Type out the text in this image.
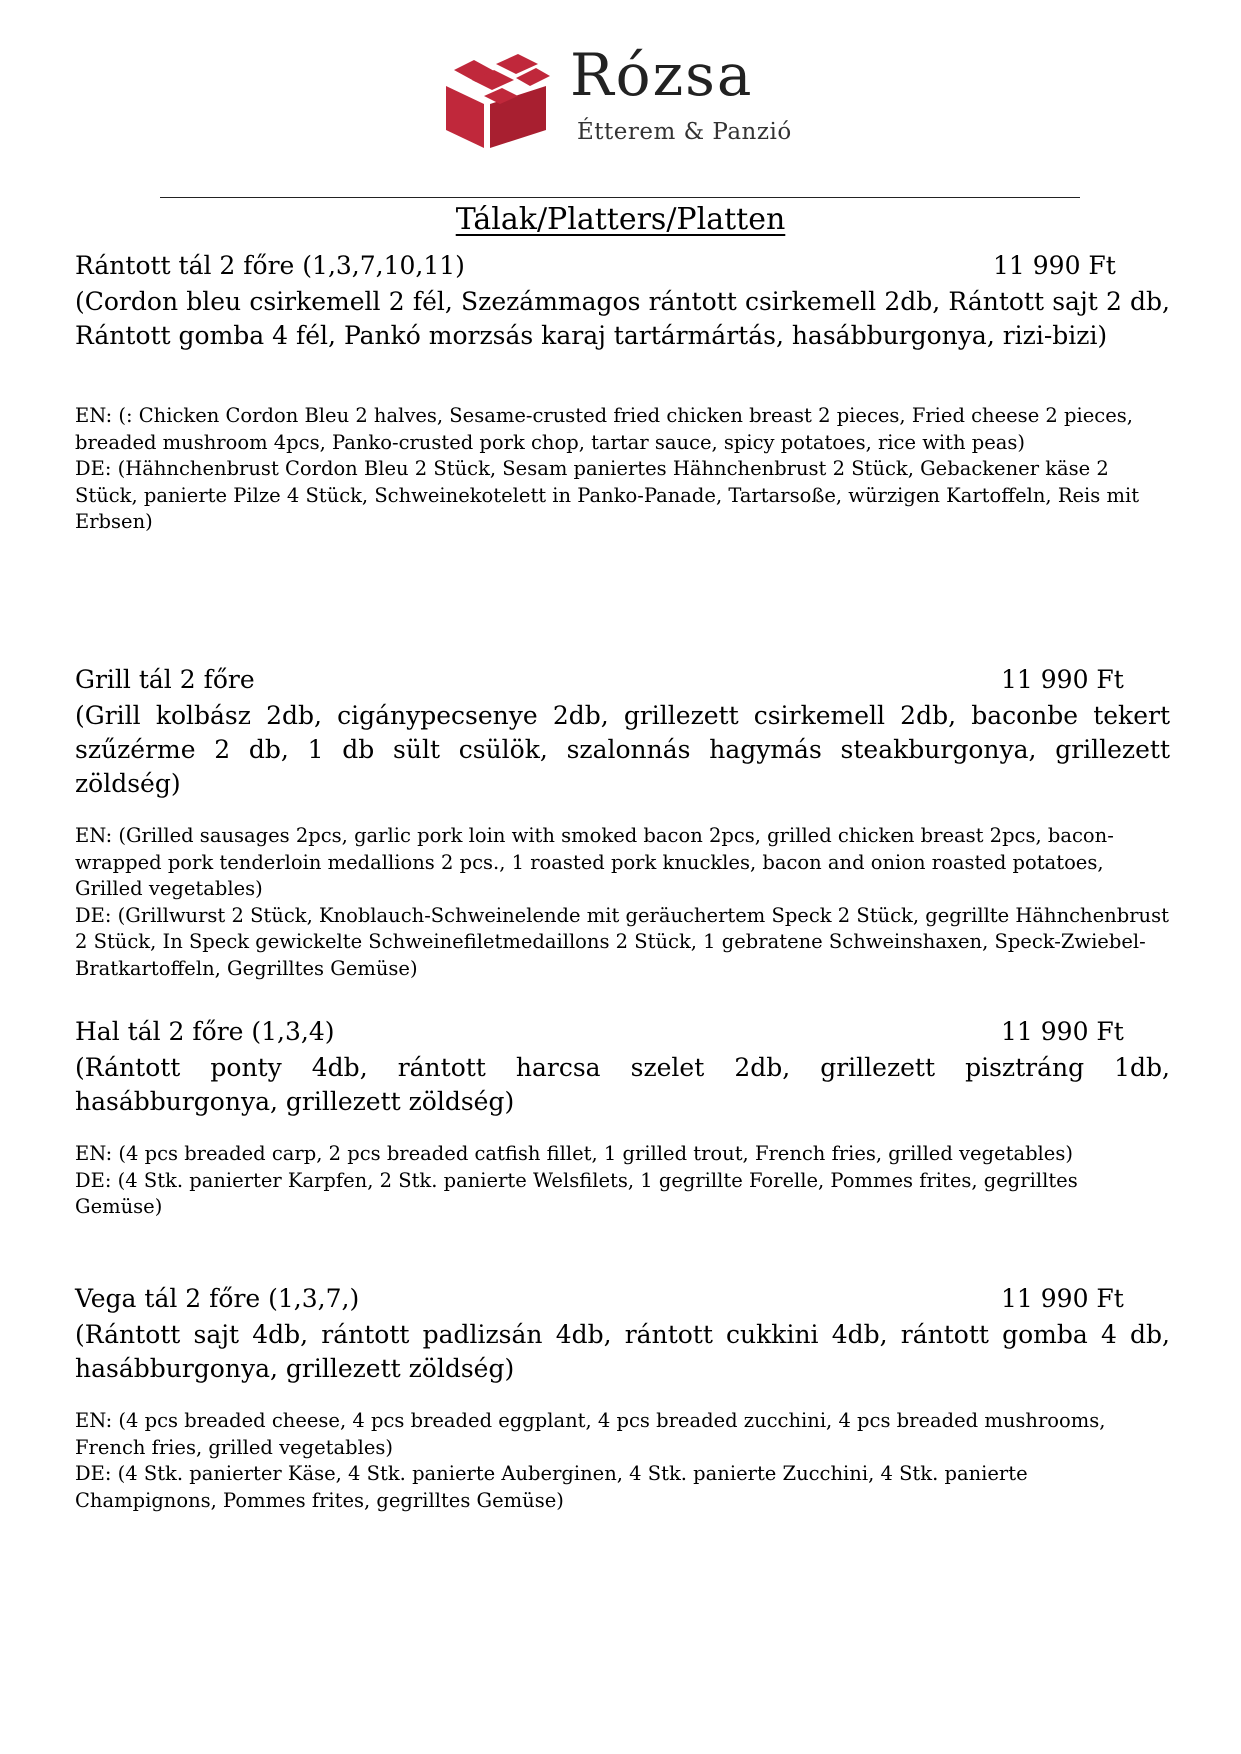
Rózsa
Étterem & Panzió
Tálak/Platters/Platten
Rántott tál 2 főre (1,3,7,10,11)	11 990 Ft

(Cordon bleu csirkemell 2 fél, Szezámmagos rántott csirkemell 2db, Rántott sajt 2 db, Rántott gomba 4 fél, Pankó morzsás karaj tartármártás, hasábburgonya, rizi-bizi)

EN: (: Chicken Cordon Bleu 2 halves, Sesame-crusted fried chicken breast 2 pieces, Fried cheese 2 pieces, breaded mushroom 4pcs, Panko-crusted pork chop, tartar sauce, spicy potatoes, rice with peas)

DE: (Hähnchenbrust Cordon Bleu 2 Stück, Sesam paniertes Hähnchenbrust 2 Stück, Gebackener käse 2 Stück, panierte Pilze 4 Stück, Schweinekotelett in Panko-Panade, Tartarsoße, würzigen Kartoffeln, Reis mit Erbsen)

Grill tál 2 főre	11 990 Ft

(Grill kolbász 2db, cigánypecsenye 2db, grillezett csirkemell 2db, baconbe tekert szűzérme 2 db, 1 db sült csülök, szalonnás hagymás steakburgonya, grillezett zöldség)

EN: (Grilled sausages 2pcs, garlic pork loin with smoked bacon 2pcs, grilled chicken breast 2pcs, bacon-wrapped pork tenderloin medallions 2 pcs., 1 roasted pork knuckles, bacon and onion roasted potatoes, Grilled vegetables)

DE: (Grillwurst 2 Stück, Knoblauch-Schweinelende mit geräuchertem Speck 2 Stück, gegrillte Hähnchenbrust 2 Stück, In Speck gewickelte Schweinefiletmedaillons 2 Stück, 1 gebratene Schweinshaxen, Speck-Zwiebel-Bratkartoffeln, Gegrilltes Gemüse)

Hal tál 2 főre (1,3,4)	11 990 Ft

(Rántott ponty 4db, rántott harcsa szelet 2db, grillezett pisztráng 1db, hasábburgonya, grillezett zöldség)

EN: (4 pcs breaded carp, 2 pcs breaded catfish fillet, 1 grilled trout, French fries, grilled vegetables)

DE: (4 Stk. panierter Karpfen, 2 Stk. panierte Welsfilets, 1 gegrillte Forelle, Pommes frites, gegrilltes Gemüse)

Vega tál 2 főre (1,3,7,)	11 990 Ft

(Rántott sajt 4db, rántott padlizsán 4db, rántott cukkini 4db, rántott gomba 4 db, hasábburgonya, grillezett zöldség)

EN: (4 pcs breaded cheese, 4 pcs breaded eggplant, 4 pcs breaded zucchini, 4 pcs breaded mushrooms, French fries, grilled vegetables)

DE: (4 Stk. panierter Käse, 4 Stk. panierte Auberginen, 4 Stk. panierte Zucchini, 4 Stk. panierte Champignons, Pommes frites, gegrilltes Gemüse)
